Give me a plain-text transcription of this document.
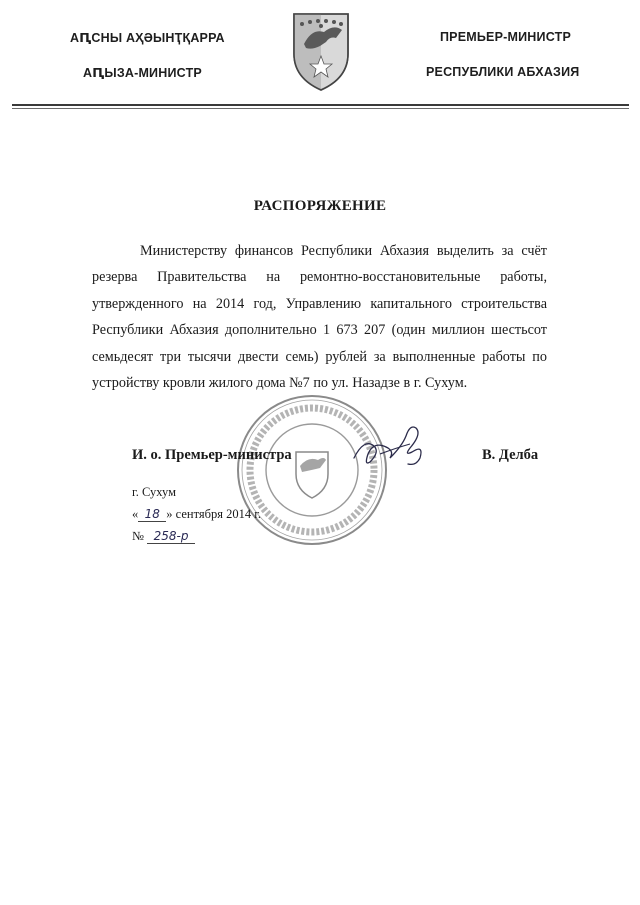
АԤСНЫ АҲӘЫНҬҚАРРА
АԤЫЗА-МИНИСТР
ПРЕМЬЕР-МИНИСТР
РЕСПУБЛИКИ АБХАЗИЯ
РАСПОРЯЖЕНИЕ

Министерству финансов Республики Абхазия выделить за счёт резерва Правительства на ремонтно-восстановительные работы, утвержденного на 2014 год, Управлению капитального строительства Республики Абхазия дополнительно 1 673 207 (один миллион шестьсот семьдесят три тысячи двести семь) рублей за выполненные работы по устройству кровли жилого дома №7 по ул. Назадзе в г. Сухум.

И. о. Премьер-министра	В. Делба
г. Сухум
« 18 » сентября 2014 г.
№ 258-р
